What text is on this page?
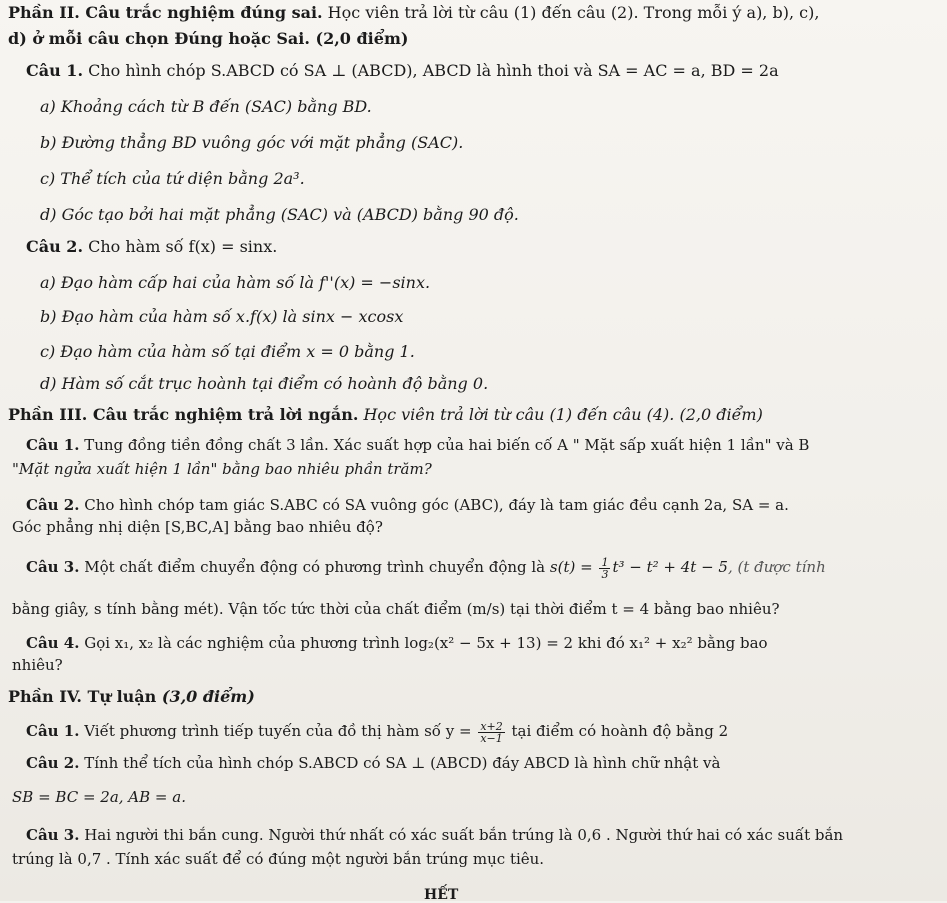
Phần II. Câu trắc nghiệm đúng sai. Học viên trả lời từ câu (1) đến câu (2). Trong mỗi ý a), b), c),
d) ở mỗi câu chọn Đúng hoặc Sai. (2,0 điểm)
Câu 1. Cho hình chóp S.ABCD có SA ⊥ (ABCD), ABCD là hình thoi và SA = AC = a, BD = 2a
a) Khoảng cách từ B đến (SAC) bằng BD.
b) Đường thẳng BD vuông góc với mặt phẳng (SAC).
c) Thể tích của tứ diện bằng 2a³.
d) Góc tạo bởi hai mặt phẳng (SAC) và (ABCD) bằng 90 độ.
Câu 2. Cho hàm số f(x) = sinx.
a) Đạo hàm cấp hai của hàm số là f''(x) = −sinx.
b) Đạo hàm của hàm số x.f(x) là sinx − xcosx
c) Đạo hàm của hàm số tại điểm x = 0 bằng 1.
d) Hàm số cắt trục hoành tại điểm có hoành độ bằng 0.
Phần III. Câu trắc nghiệm trả lời ngắn. Học viên trả lời từ câu (1) đến câu (4). (2,0 điểm)
Câu 1. Tung đồng tiền đồng chất 3 lần. Xác suất hợp của hai biến cố A " Mặt sấp xuất hiện 1 lần" và B
"Mặt ngửa xuất hiện 1 lần" bằng bao nhiêu phần trăm?
Câu 2. Cho hình chóp tam giác S.ABC có SA vuông góc (ABC), đáy là tam giác đều cạnh 2a, SA = a.
Góc phẳng nhị diện [S,BC,A] bằng bao nhiêu độ?
Câu 3. Một chất điểm chuyển động có phương trình chuyển động là $s(t) = \frac{1}{3} t^3 - t^2 + 4t - 5$, (t được tính
bằng giây, s tính bằng mét). Vận tốc tức thời của chất điểm (m/s) tại thời điểm t = 4 bằng bao nhiêu?
Câu 4. Gọi x₁, x₂ là các nghiệm của phương trình log₂(x² − 5x + 13) = 2 khi đó x₁² + x₂² bằng bao
nhiêu?
Phần IV. Tự luận (3,0 điểm)
Câu 1. Viết phương trình tiếp tuyến của đồ thị hàm số $y = \frac{x+2}{x-1}$ tại điểm có hoành độ bằng 2
Câu 2. Tính thể tích của hình chóp S.ABCD có SA ⊥ (ABCD) đáy ABCD là hình chữ nhật và
SB = BC = 2a, AB = a.
Câu 3. Hai người thi bắn cung. Người thứ nhất có xác suất bắn trúng là 0,6 . Người thứ hai có xác suất bắn
trúng là 0,7 . Tính xác suất để có đúng một người bắn trúng mục tiêu.
HẾT
